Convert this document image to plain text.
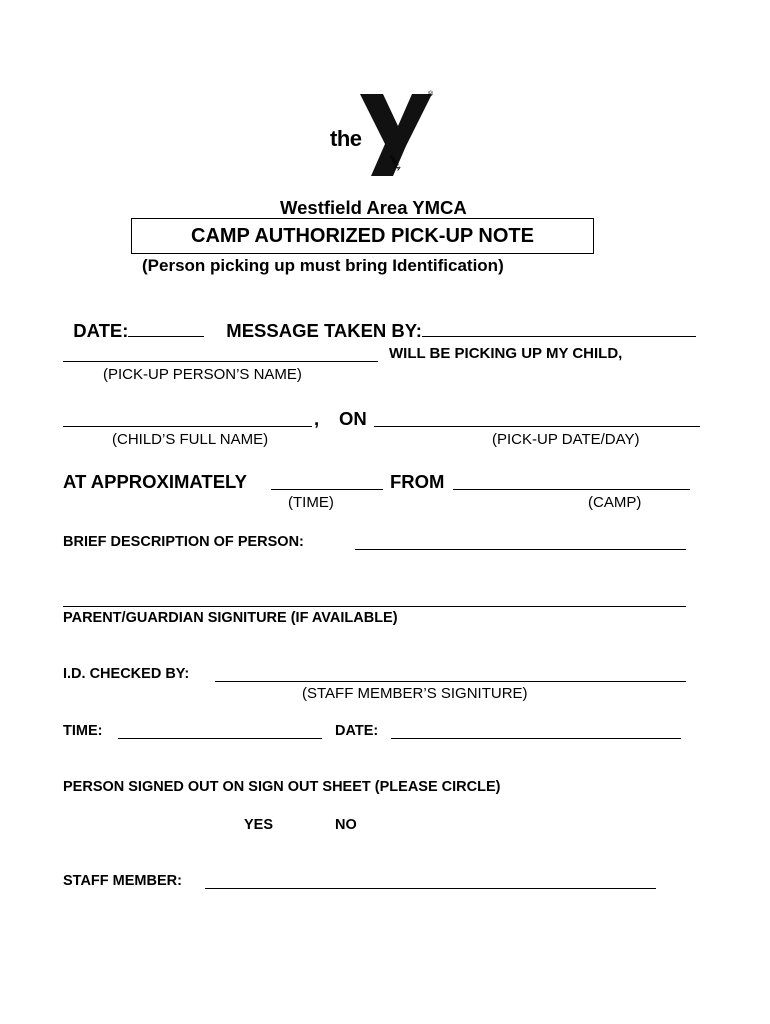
the
®
YMCA
Westfield Area YMCA
CAMP AUTHORIZED PICK-UP NOTE
(Person picking up must bring Identification)

DATE:	MESSAGE TAKEN BY:

WILL BE PICKING UP MY CHILD,
(PICK-UP PERSON’S NAME)
, ON
(CHILD’S FULL NAME)	(PICK-UP DATE/DAY)
AT APPROXIMATELY	FROM
(TIME)	(CAMP)
BRIEF DESCRIPTION OF PERSON:
PARENT/GUARDIAN SIGNITURE (IF AVAILABLE)
I.D. CHECKED BY:
(STAFF MEMBER’S SIGNITURE)
TIME:	DATE:
PERSON SIGNED OUT ON SIGN OUT SHEET (PLEASE CIRCLE)
YES	NO
STAFF MEMBER:
